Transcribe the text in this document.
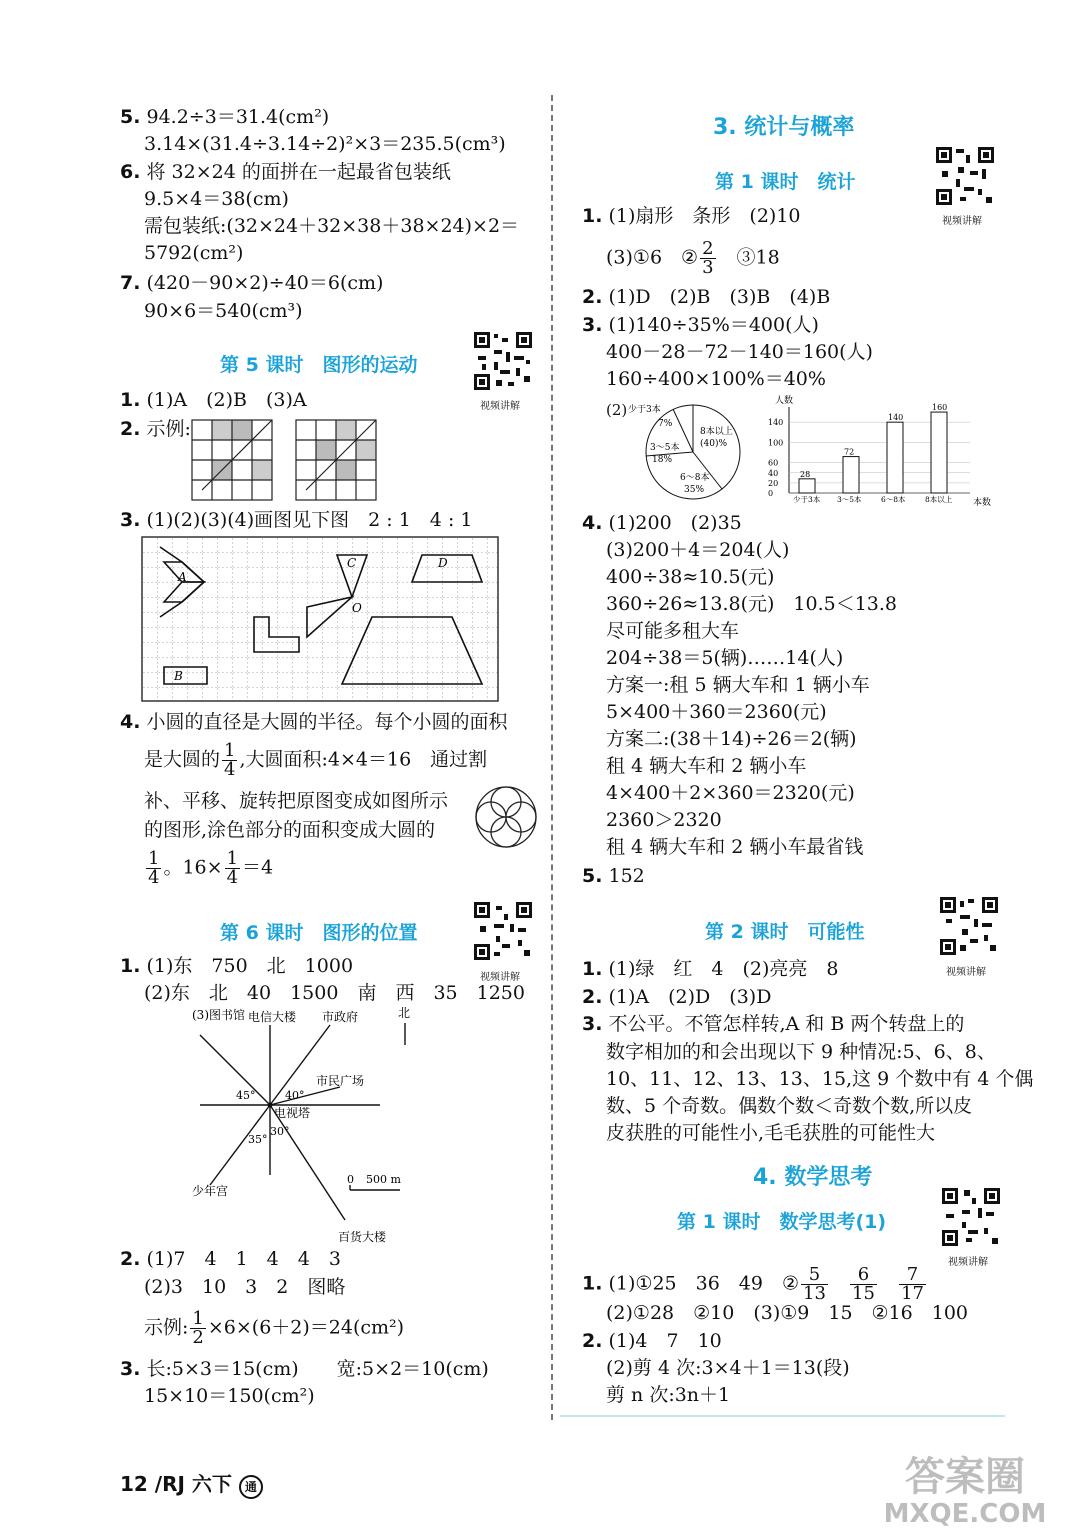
5. 94.2÷3＝31.4(cm²)
3.14×(31.4÷3.14÷2)²×3＝235.5(cm³)
6. 将 32×24 的面拼在一起最省包装纸
9.5×4＝38(cm)
需包装纸:(32×24＋32×38＋38×24)×2＝
5792(cm²)
7. (420－90×2)÷40＝6(cm)
90×6＝540(cm³)
第 5 课时　图形的运动
视频讲解
1. (1)A　(2)B　(3)A
2. 示例:
3. (1)(2)(3)(4)画图见下图　2 : 1　4 : 1
A
C	D
O
B
4. 小圆的直径是大圆的半径。每个小圆的面积
是大圆的 $\frac{1}{4}$ ,大圆面积:4×4＝16　通过割
补、平移、旋转把原图变成如图所示
的图形,涂色部分的面积变成大圆的
$\frac{1}{4}$ 。$16\times \frac{1}{4} =4$
第 6 课时　图形的位置
视频讲解
1. (1)东　750　北　1000
(2)东　北　40　1500　南　西　35　1250
(3)图书馆 电信大楼 市政府	北
市民广场
电视塔
45°	40°
35°
30°
少年宫
百货大楼
0 500 m
2. (1)7　4　1　4　4　3
(2)3　10　3　2　图略
示例: $\frac{1}{2} \times 6\times(6+2)=24(cm^2)$
3. 长:5×3＝15(cm)　　宽:5×2＝10(cm)
15×10＝150(cm²)
3. 统计与概率
第 1 课时　统计
视频讲解
1. (1)扇形　条形　(2)10
(3)①6　② $\frac{2}{3}$ 　③18
2. (1)D　(2)B　(3)B　(4)B
3. (1)140÷35%＝400(人)
400－28－72－140＝160(人)
160÷400×100%＝40%
(2) 少于3本
7%
3～5本
18%
6～8本
35%
8本以上
(40)%
人数
本数
0
20
40
60
100
140
28
少于3本
72
3～5本
140
6～8本
160
8本以上
4. (1)200　(2)35
(3)200＋4＝204(人)
400÷38≈10.5(元)
360÷26≈13.8(元)　10.5＜13.8
尽可能多租大车
204÷38＝5(辆)……14(人)
方案一:租 5 辆大车和 1 辆小车
5×400＋360＝2360(元)
方案二:(38＋14)÷26＝2(辆)
租 4 辆大车和 2 辆小车
4×400＋2×360＝2320(元)
2360＞2320
租 4 辆大车和 2 辆小车最省钱
5. 152
第 2 课时　可能性
视频讲解
1. (1)绿　红　4　(2)亮亮　8
2. (1)A　(2)D　(3)D
3. 不公平。不管怎样转,A 和 B 两个转盘上的
数字相加的和会出现以下 9 种情况:5、6、8、
10、11、12、13、13、15,这 9 个数中有 4 个偶
数、5 个奇数。偶数个数＜奇数个数,所以皮
皮获胜的可能性小,毛毛获胜的可能性大
4. 数学思考
第 1 课时　数学思考(1)
视频讲解
1. (1)①25　36　49　② $\frac{5}{13}$
$\frac{6}{15}$
$\frac{7}{17}$
(2)①28　②10　(3)①9　15　②16　100
2. (1)4　7　10
(2)剪 4 次:3×4＋1＝13(段)
剪 n 次:3n＋1
12 /RJ 六下 通	答案圈
MXQE.COM
